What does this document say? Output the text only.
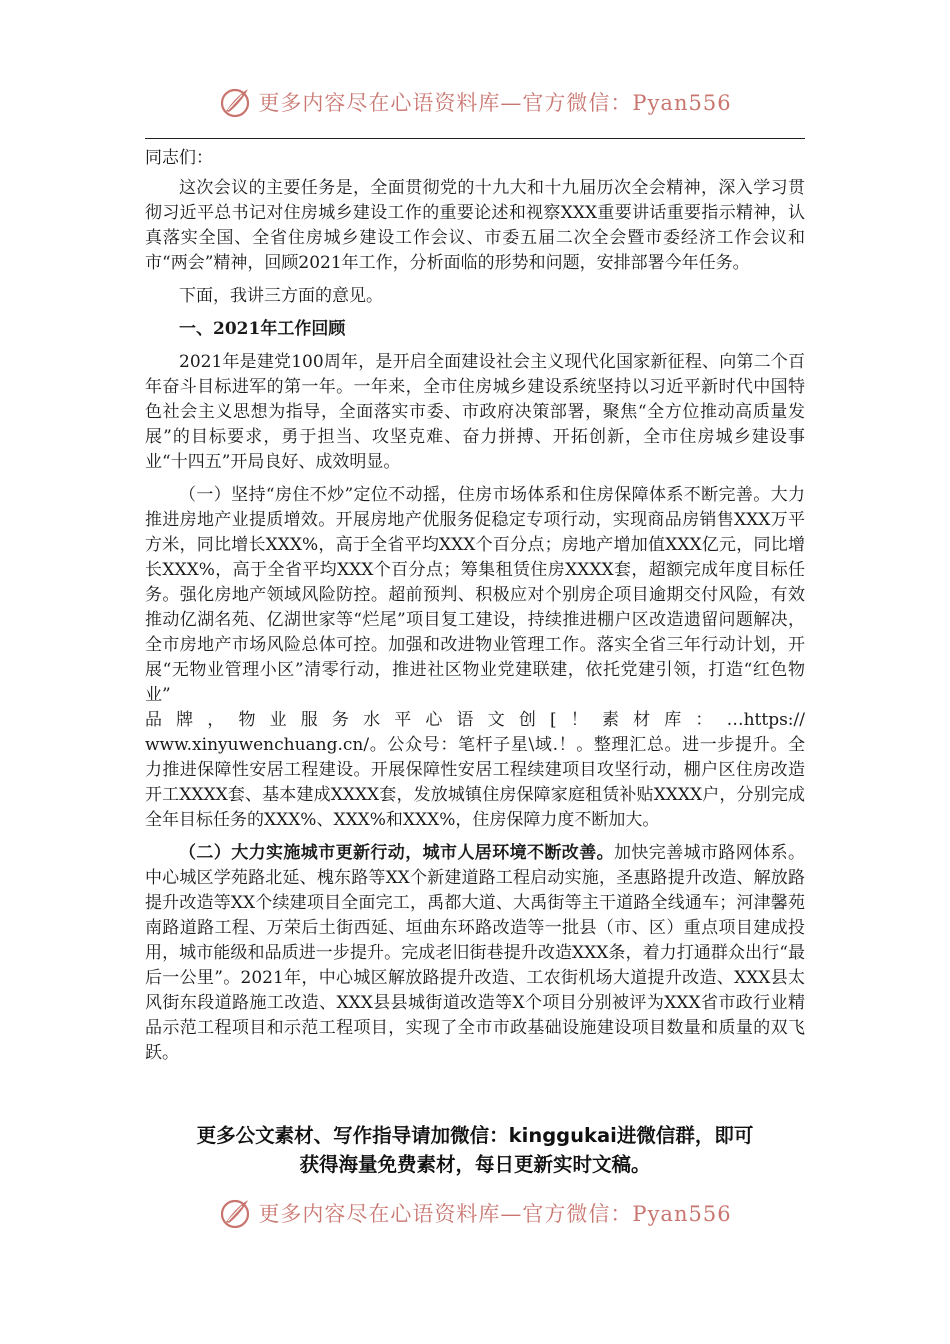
更多内容尽在心语资料库—官方微信：Pyan556

同志们：

这次会议的主要任务是，全面贯彻党的十九大和十九届历次全会精神，深入学习贯彻习近平总书记对住房城乡建设工作的重要论述和视察XXX重要讲话重要指示精神，认真落实全国、全省住房城乡建设工作会议、市委五届二次全会暨市委经济工作会议和市“两会”精神，回顾2021年工作，分析面临的形势和问题，安排部署今年任务。

下面，我讲三方面的意见。

一、2021年工作回顾

2021年是建党100周年，是开启全面建设社会主义现代化国家新征程、向第二个百年奋斗目标进军的第一年。一年来，全市住房城乡建设系统坚持以习近平新时代中国特色社会主义思想为指导，全面落实市委、市政府决策部署，聚焦“全方位推动高质量发展”的目标要求，勇于担当、攻坚克难、奋力拼搏、开拓创新，全市住房城乡建设事业“十四五”开局良好、成效明显。

（一）坚持“房住不炒”定位不动摇，住房市场体系和住房保障体系不断完善。大力推进房地产业提质增效。开展房地产优服务促稳定专项行动，实现商品房销售XXX万平方米，同比增长XXX%，高于全省平均XXX个百分点；房地产增加值XXX亿元，同比增长XXX%，高于全省平均XXX个百分点；筹集租赁住房XXXX套，超额完成年度目标任务。强化房地产领域风险防控。超前预判、积极应对个别房企项目逾期交付风险，有效推动亿湖名苑、亿湖世家等“烂尾”项目复工建设，持续推进棚户区改造遗留问题解决，全市房地产市场风险总体可控。加强和改进物业管理工作。落实全省三年行动计划，开展“无物业管理小区”清零行动，推进社区物业党建联建，依托党建引领，打造“红色物业”

品牌，物业服务水平心语文创[！素材库：…https://

www.xinyuwenchuang.cn/。公众号：笔杆子星\域.！。整理汇总。进一步提升。全力推进保障性安居工程建设。开展保障性安居工程续建项目攻坚行动，棚户区住房改造开工XXXX套、基本建成XXXX套，发放城镇住房保障家庭租赁补贴XXXX户，分别完成全年目标任务的XXX%、XXX%和XXX%，住房保障力度不断加大。

（二）大力实施城市更新行动，城市人居环境不断改善。加快完善城市路网体系。中心城区学苑路北延、槐东路等XX个新建道路工程启动实施，圣惠路提升改造、解放路提升改造等XX个续建项目全面完工，禹都大道、大禹街等主干道路全线通车；河津馨苑南路道路工程、万荣后土街西延、垣曲东环路改造等一批县（市、区）重点项目建成投用，城市能级和品质进一步提升。完成老旧街巷提升改造XXX条，着力打通群众出行“最后一公里”。2021年，中心城区解放路提升改造、工农街机场大道提升改造、XXX县太风街东段道路施工改造、XXX县县城街道改造等X个项目分别被评为XXX省市政行业精品示范工程项目和示范工程项目，实现了全市市政基础设施建设项目数量和质量的双飞跃。

更多公文素材、写作指导请加微信：kinggukai进微信群，即可
获得海量免费素材，每日更新实时文稿。
更多内容尽在心语资料库—官方微信：Pyan556
